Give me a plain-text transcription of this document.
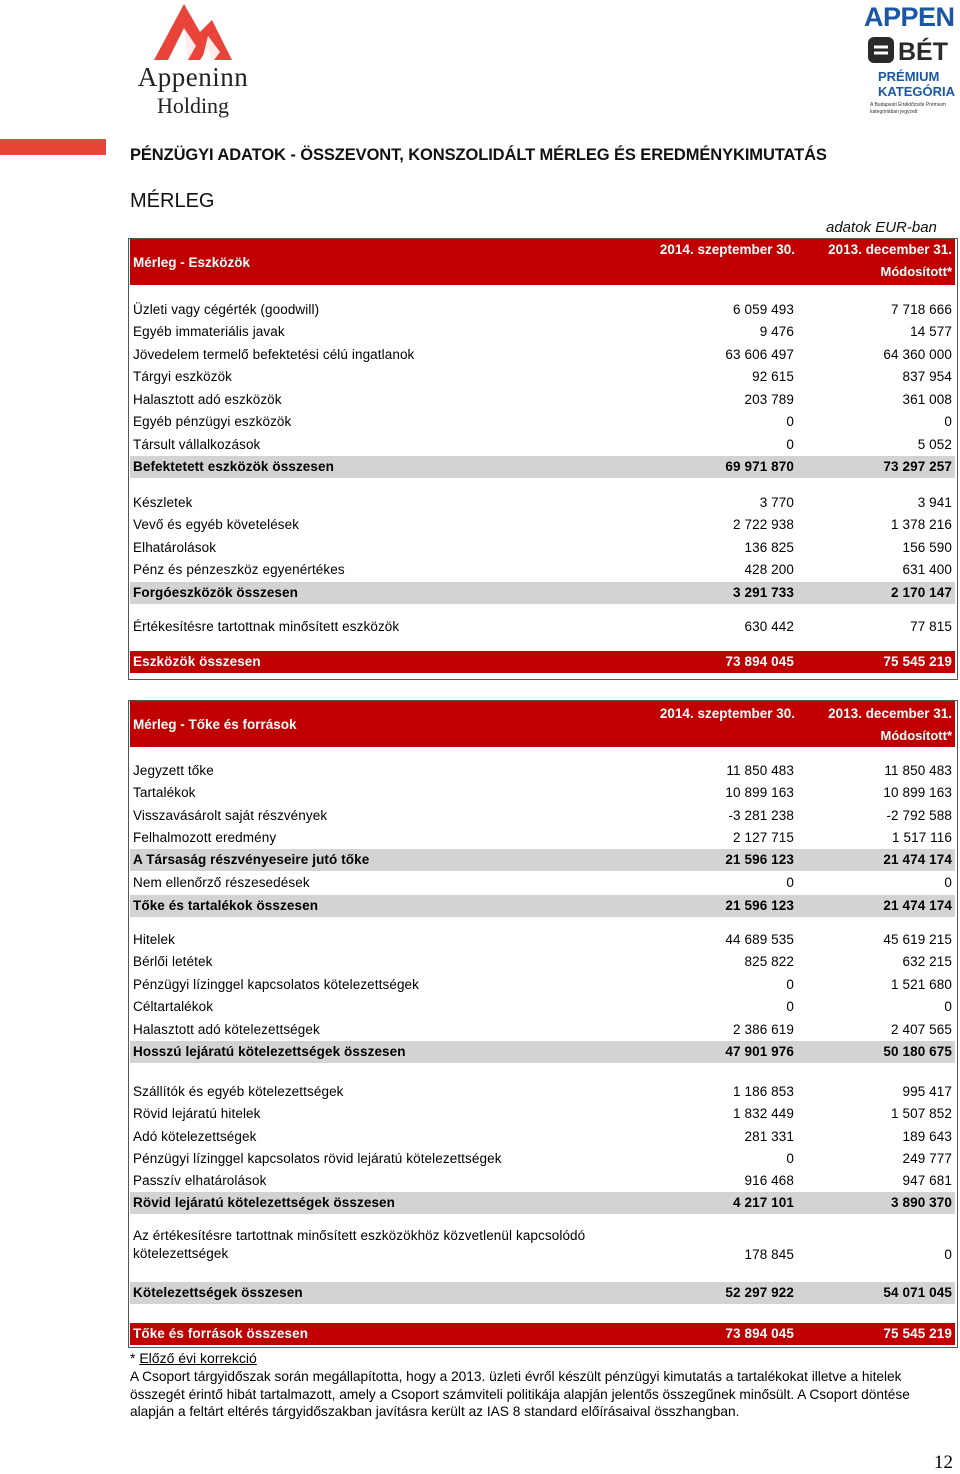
Appeninn
Holding
APPEN
BÉT
PRÉMIUM
KATEGÓRIA
A Budapesti Értéktőzsde Prémium kategóriában jegyzett
PÉNZÜGYI ADATOK - ÖSSZEVONT, KONSZOLIDÁLT MÉRLEG ÉS EREDMÉNYKIMUTATÁS
MÉRLEG
adatok EUR-ban
Mérleg - Eszközök
2014. szeptember 30. 2013. december 31.
Módosított*
Üzleti vagy cégérték (goodwill)	6 059 493	7 718 666
Egyéb immateriális javak	9 476	14 577
Jövedelem termelő befektetési célú ingatlanok	63 606 497	64 360 000
Tárgyi eszközök	92 615	837 954
Halasztott adó eszközök	203 789	361 008
Egyéb pénzügyi eszközök	0	0
Társult vállalkozások	0	5 052
Befektetett eszközök összesen	69 971 870	73 297 257
Készletek	3 770	3 941
Vevő és egyéb követelések	2 722 938	1 378 216
Elhatárolások	136 825	156 590
Pénz és pénzeszköz egyenértékes	428 200	631 400
Forgóeszközök összesen	3 291 733	2 170 147
Értékesítésre tartottnak minősített eszközök	630 442	77 815
Eszközök összesen	73 894 045	75 545 219
Mérleg - Tőke és források
2014. szeptember 30. 2013. december 31.
Módosított*
Jegyzett tőke	11 850 483	11 850 483
Tartalékok	10 899 163	10 899 163
Visszavásárolt saját részvények	-3 281 238	-2 792 588
Felhalmozott eredmény	2 127 715	1 517 116
A Társaság részvényeseire jutó tőke	21 596 123	21 474 174
Nem ellenőrző részesedések	0	0
Tőke és tartalékok összesen	21 596 123	21 474 174
Hitelek	44 689 535	45 619 215
Bérlői letétek	825 822	632 215
Pénzügyi lízinggel kapcsolatos kötelezettségek	0	1 521 680
Céltartalékok	0	0
Halasztott adó kötelezettségek	2 386 619	2 407 565
Hosszú lejáratú kötelezettségek összesen	47 901 976	50 180 675
Szállítók és egyéb kötelezettségek	1 186 853	995 417
Rövid lejáratú hitelek	1 832 449	1 507 852
Adó kötelezettségek	281 331	189 643
Pénzügyi lízinggel kapcsolatos rövid lejáratú kötelezettségek	0	249 777
Passzív elhatárolások	916 468	947 681
Rövid lejáratú kötelezettségek összesen	4 217 101	3 890 370
Az értékesítésre tartottnak minősített eszközökhöz közvetlenül kapcsolódó kötelezettségek	178 845	0
Kötelezettségek összesen	52 297 922	54 071 045
Tőke és források összesen	73 894 045	75 545 219
* Előző évi korrekció
A Csoport tárgyidőszak során megállapította, hogy a 2013. üzleti évről készült pénzügyi kimutatás a tartalékokat illetve a hitelek összegét érintő hibát tartalmazott, amely a Csoport számviteli politikája alapján jelentős összegűnek minősült. A Csoport döntése alapján a feltárt eltérés tárgyidőszakban javításra került az IAS 8 standard előírásaival összhangban.
12
